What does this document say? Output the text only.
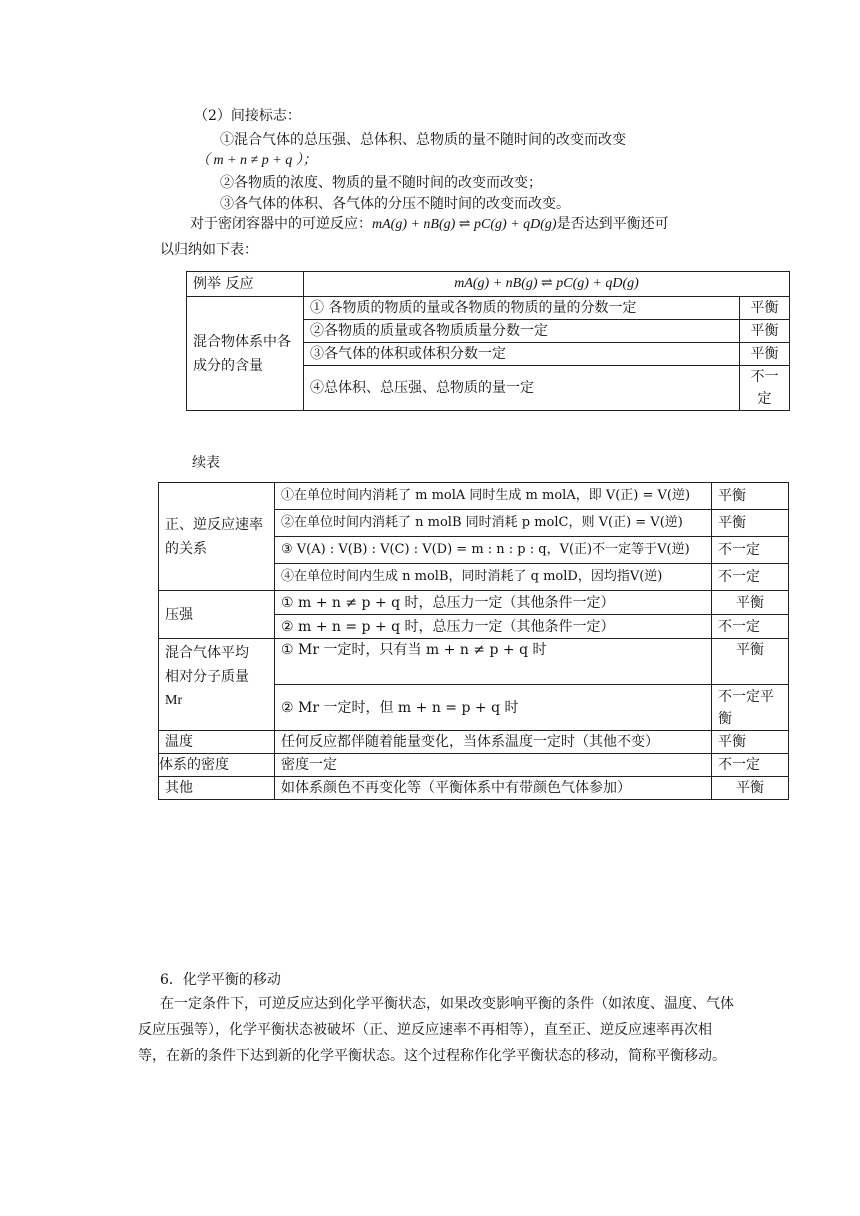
（2）间接标志：
①混合气体的总压强、总体积、总物质的量不随时间的改变而改变
（ m + n ≠ p + q ）；
②各物质的浓度、物质的量不随时间的改变而改变；
③各气体的体积、各气体的分压不随时间的改变而改变。
对于密闭容器中的可逆反应：mA(g) + nB(g) ⇌ pC(g) + qD(g)是否达到平衡还可
以归纳如下表：
例举 反应	mA(g) + nB(g) ⇌ pC(g) + qD(g)	
混合物体系中各成分的含量	① 各物质的物质的量或各物质的物质的量的分数一定	平衡
	②各物质的质量或各物质质量分数一定	平衡
	③各气体的体积或体积分数一定	平衡
	④总体积、总压强、总物质的量一定	不一定
续表
正、逆反应速率的关系	①在单位时间内消耗了 m molA 同时生成 m molA，即 V(正) = V(逆)	平衡
	②在单位时间内消耗了 n molB 同时消耗 p molC，则 V(正) = V(逆)	平衡
	③ V(A) : V(B) : V(C) : V(D) = m : n : p : q，V(正)不一定等于V(逆)	不一定
	④在单位时间内生成 n molB，同时消耗了 q molD，因均指V(逆)	不一定
压强	① m + n ≠ p + q 时，总压力一定（其他条件一定）	平衡
	② m + n = p + q 时，总压力一定（其他条件一定）	不一定

混合气体平均相对分子质量
Mr	① Mr 一定时，只有当 m + n ≠ p + q 时	平衡
	② Mr 一定时，但 m + n = p + q 时	不一定平衡
温度	任何反应都伴随着能量变化，当体系温度一定时（其他不变）	平衡
体系的密度	密度一定	不一定
其他	如体系颜色不再变化等（平衡体系中有带颜色气体参加）	平衡
6．化学平衡的移动
在一定条件下，可逆反应达到化学平衡状态，如果改变影响平衡的条件（如浓度、温度、气体反应压强等），化学平衡状态被破坏（正、逆反应速率不再相等），直至正、逆反应速率再次相等，在新的条件下达到新的化学平衡状态。这个过程称作化学平衡状态的移动，简称平衡移动。
